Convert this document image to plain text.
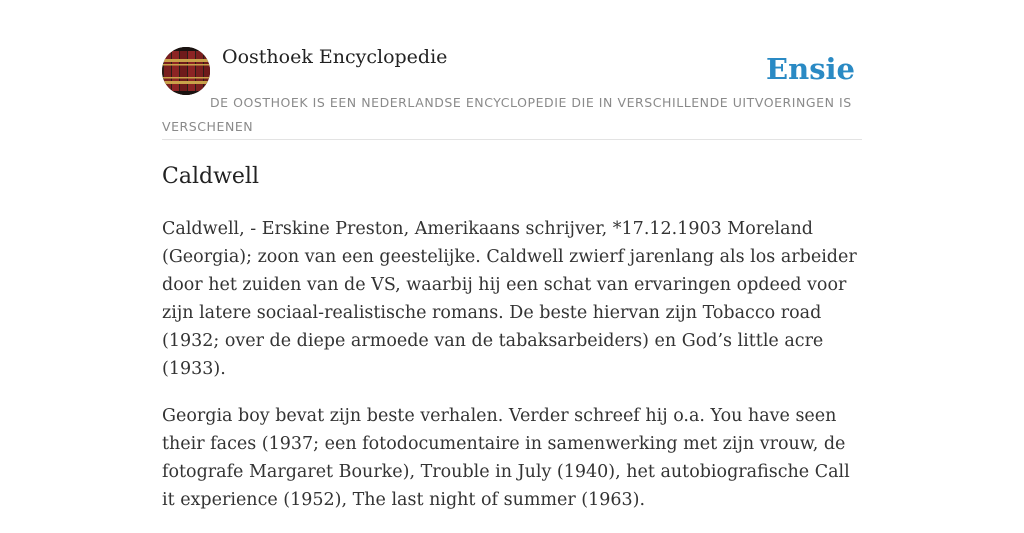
Oosthoek Encyclopedie	Ensie
DE OOSTHOEK IS EEN NEDERLANDSE ENCYCLOPEDIE DIE IN VERSCHILLENDE UITVOERINGEN IS VERSCHENEN
Caldwell

Caldwell, - Erskine Preston, Amerikaans schrijver, *17.12.1903 Moreland (Georgia); zoon van een geestelijke. Caldwell zwierf jarenlang als los arbeider door het zuiden van de VS, waarbij hij een schat van ervaringen opdeed voor zijn latere sociaal-realistische romans. De beste hiervan zijn Tobacco road (1932; over de diepe armoede van de tabaksarbeiders) en God’s little acre (1933).

Georgia boy bevat zijn beste verhalen. Verder schreef hij o.a. You have seen their faces (1937; een fotodocumentaire in samenwerking met zijn vrouw, de fotografe Margaret Bourke), Trouble in July (1940), het autobiografische Call it experience (1952), The last night of summer (1963).
